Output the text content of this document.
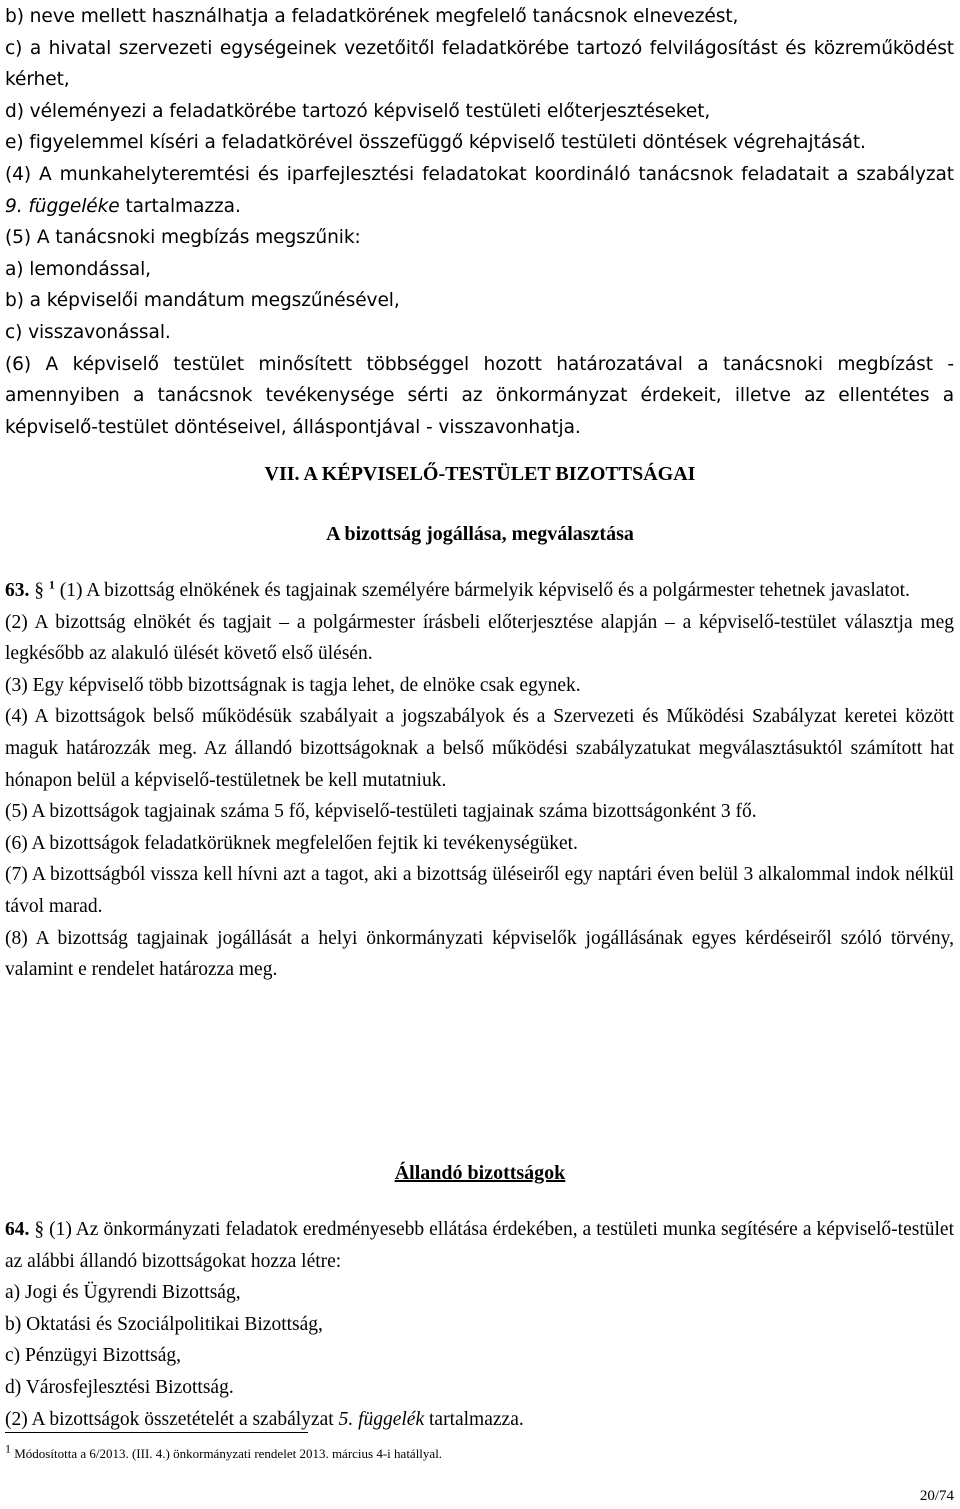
b) neve mellett használhatja a feladatkörének megfelelő tanácsnok elnevezést,

c) a hivatal szervezeti egységeinek vezetőitől feladatkörébe tartozó felvilágosítást és közreműködést kérhet,

d) véleményezi a feladatkörébe tartozó képviselő testületi előterjesztéseket,

e) figyelemmel kíséri a feladatkörével összefüggő képviselő testületi döntések végrehajtását.

(4) A munkahelyteremtési és iparfejlesztési feladatokat koordináló tanácsnok feladatait a szabályzat 9. függeléke tartalmazza.

(5) A tanácsnoki megbízás megszűnik:

a) lemondással,

b) a képviselői mandátum megszűnésével,

c) visszavonással.

(6) A képviselő testület minősített többséggel hozott határozatával a tanácsnoki megbízást - amennyiben a tanácsnok tevékenysége sérti az önkormányzat érdekeit, illetve az ellentétes a képviselő-testület döntéseivel, álláspontjával - visszavonhatja.

VII. A KÉPVISELŐ-TESTÜLET BIZOTTSÁGAI
A bizottság jogállása, megválasztása

63. § $^1$ (1) A bizottság elnökének és tagjainak személyére bármelyik képviselő és a polgármester tehetnek javaslatot.

(2) A bizottság elnökét és tagjait – a polgármester írásbeli előterjesztése alapján – a képviselő-testület választja meg legkésőbb az alakuló ülését követő első ülésén.

(3) Egy képviselő több bizottságnak is tagja lehet, de elnöke csak egynek.

(4) A bizottságok belső működésük szabályait a jogszabályok és a Szervezeti és Működési Szabályzat keretei között maguk határozzák meg. Az állandó bizottságoknak a belső működési szabályzatukat megválasztásuktól számított hat hónapon belül a képviselő-testületnek be kell mutatniuk.

(5) A bizottságok tagjainak száma 5 fő, képviselő-testületi tagjainak száma bizottságonként 3 fő.

(6) A bizottságok feladatkörüknek megfelelően fejtik ki tevékenységüket.

(7) A bizottságból vissza kell hívni azt a tagot, aki a bizottság üléseiről egy naptári éven belül 3 alkalommal indok nélkül távol marad.

(8) A bizottság tagjainak jogállását a helyi önkormányzati képviselők jogállásának egyes kérdéseiről szóló törvény, valamint e rendelet határozza meg.

Állandó bizottságok

64. § (1) Az önkormányzati feladatok eredményesebb ellátása érdekében, a testületi munka segítésére a képviselő-testület az alábbi állandó bizottságokat hozza létre:

a) Jogi és Ügyrendi Bizottság,

b) Oktatási és Szociálpolitikai Bizottság,

c) Pénzügyi Bizottság,

d) Városfejlesztési Bizottság.

(2) A bizottságok összetételét a szabályzat 5. függelék tartalmazza.

$^1$ Módosította a 6/2013. (III. 4.) önkormányzati rendelet 2013. március 4-i hatállyal.
20/74
